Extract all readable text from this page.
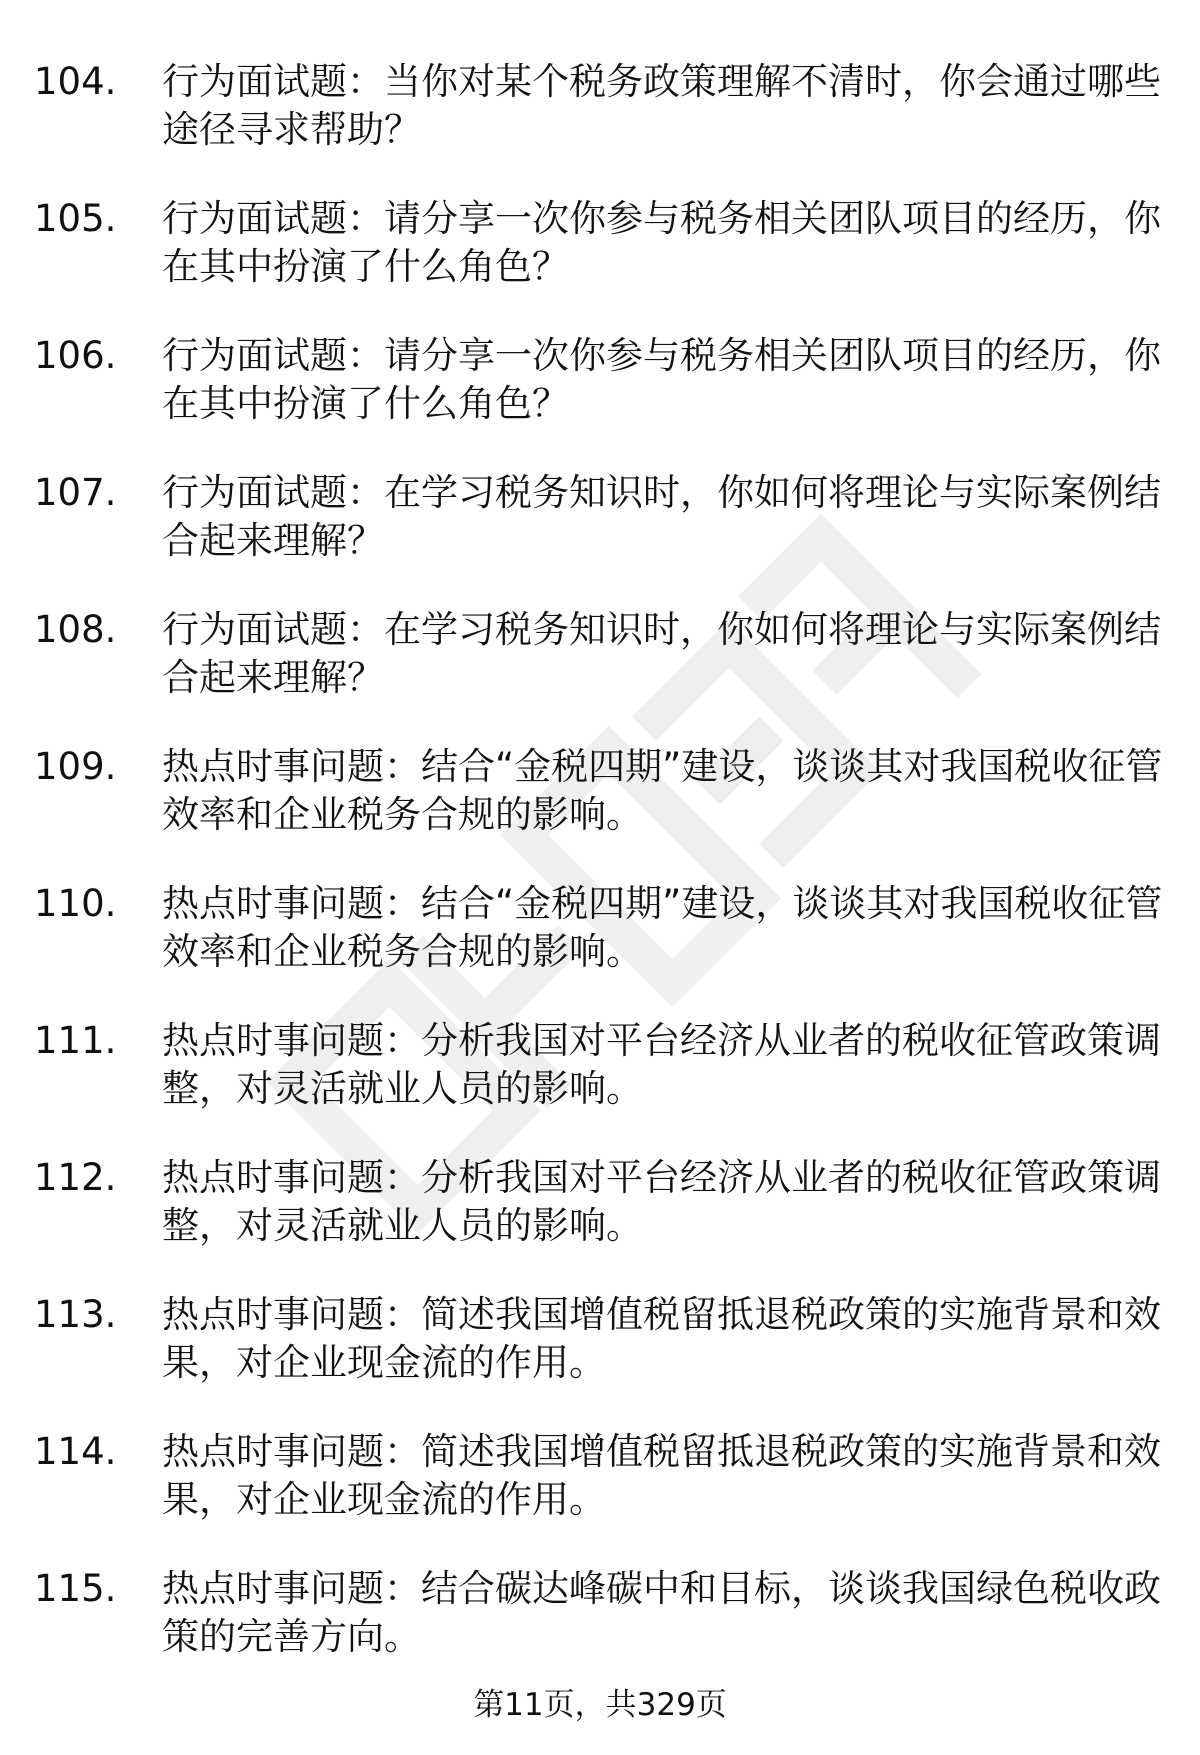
104.	行为面试题：当你对某个税务政策理解不清时，你会通过哪些途径寻求帮助？
105.	行为面试题：请分享一次你参与税务相关团队项目的经历，你在其中扮演了什么角色？
106.	行为面试题：请分享一次你参与税务相关团队项目的经历，你在其中扮演了什么角色？
107.	行为面试题：在学习税务知识时，你如何将理论与实际案例结合起来理解？
108.	行为面试题：在学习税务知识时，你如何将理论与实际案例结合起来理解？
109.	热点时事问题：结合“金税四期”建设，谈谈其对我国税收征管效率和企业税务合规的影响。
110.	热点时事问题：结合“金税四期”建设，谈谈其对我国税收征管效率和企业税务合规的影响。
111.	热点时事问题：分析我国对平台经济从业者的税收征管政策调整，对灵活就业人员的影响。
112.	热点时事问题：分析我国对平台经济从业者的税收征管政策调整，对灵活就业人员的影响。
113.	热点时事问题：简述我国增值税留抵退税政策的实施背景和效果，对企业现金流的作用。
114.	热点时事问题：简述我国增值税留抵退税政策的实施背景和效果，对企业现金流的作用。
115.	热点时事问题：结合碳达峰碳中和目标，谈谈我国绿色税收政策的完善方向。
第11页，共329页
